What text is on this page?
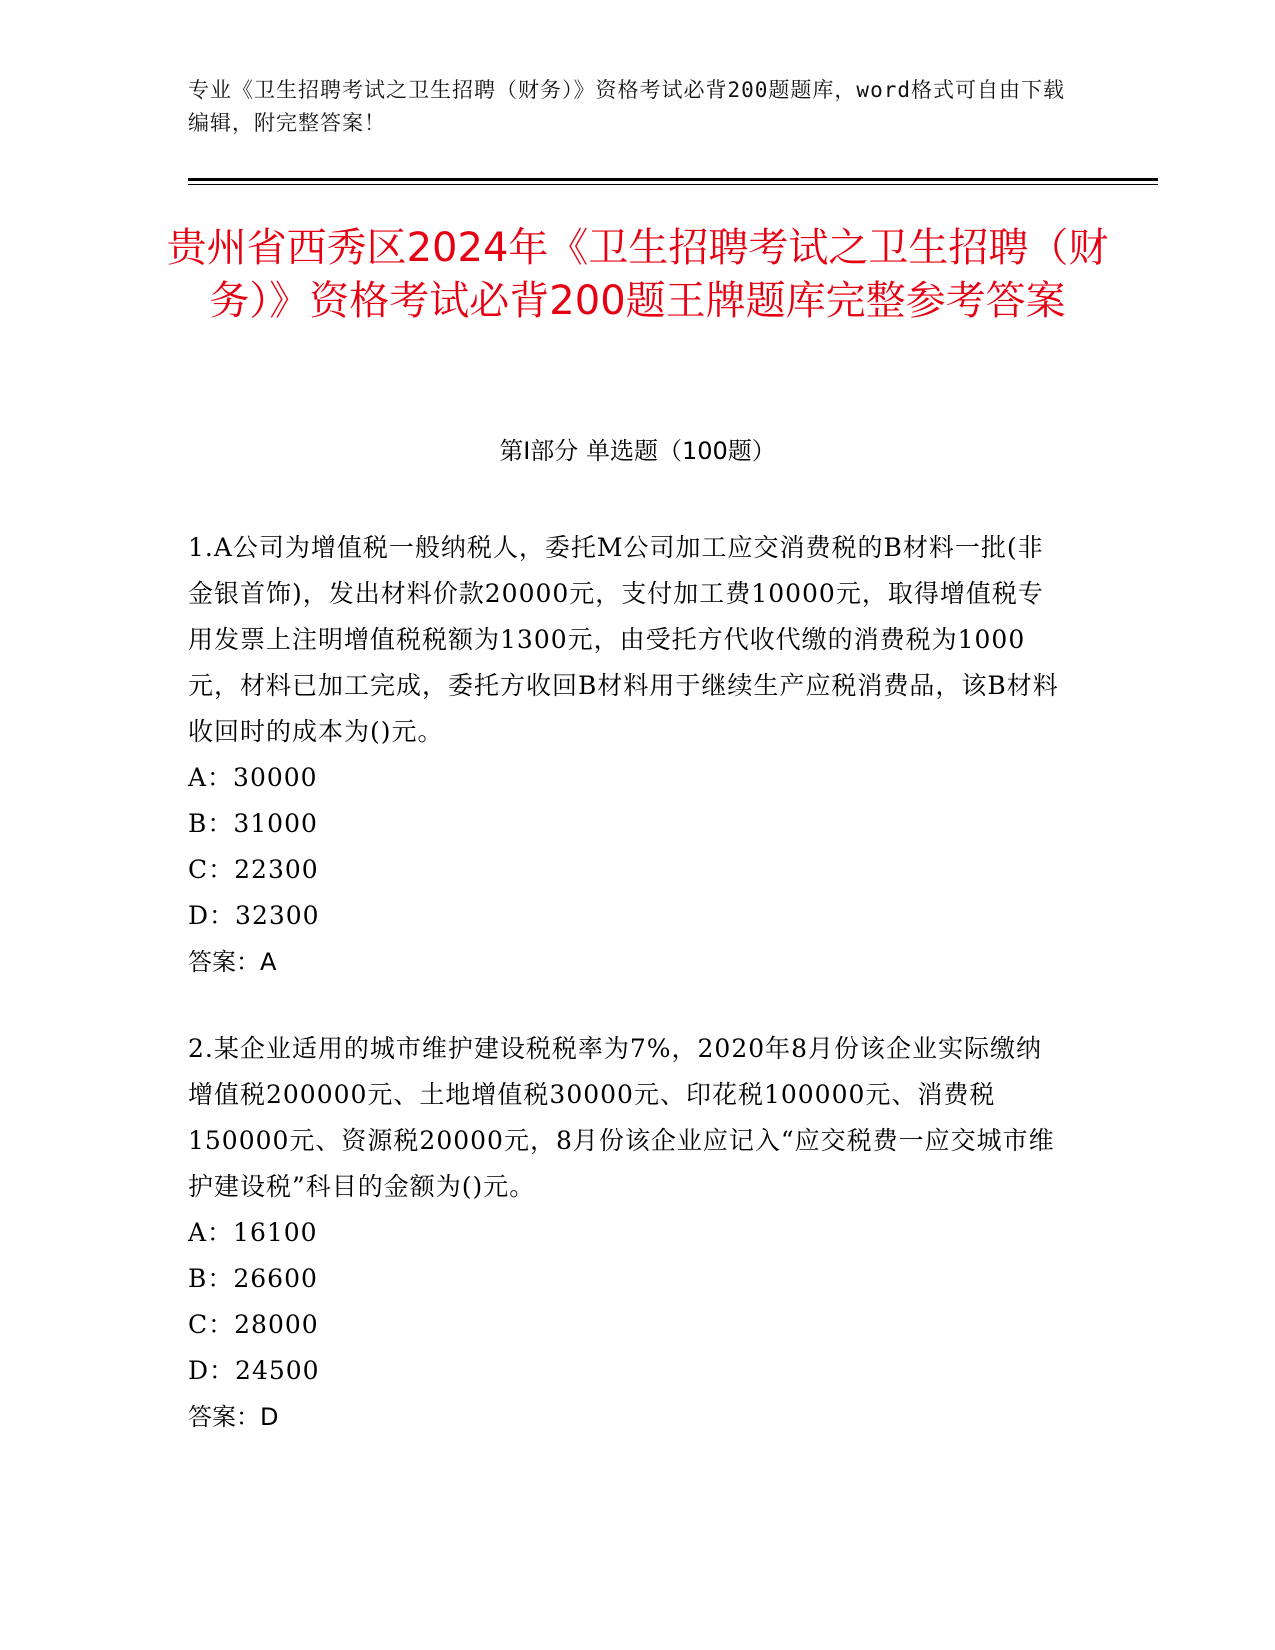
专业《卫生招聘考试之卫生招聘（财务）》资格考试必背200题题库，word格式可自由下载编辑，附完整答案！
贵州省西秀区2024年《卫生招聘考试之卫生招聘（财务）》资格考试必背200题王牌题库完整参考答案
第Ⅰ部分 单选题（100题）

1.A公司为增值税一般纳税人，委托M公司加工应交消费税的B材料一批(非金银首饰)，发出材料价款20000元，支付加工费10000元，取得增值税专用发票上注明增值税税额为1300元，由受托方代收代缴的消费税为1000元，材料已加工完成，委托方收回B材料用于继续生产应税消费品，该B材料收回时的成本为()元。

A：30000
B：31000
C：22300
D：32300

答案：A

2.某企业适用的城市维护建设税税率为7%，2020年8月份该企业实际缴纳增值税200000元、土地增值税30000元、印花税100000元、消费税150000元、资源税20000元，8月份该企业应记入“应交税费一应交城市维护建设税”科目的金额为()元。

A：16100
B：26600
C：28000
D：24500

答案：D
